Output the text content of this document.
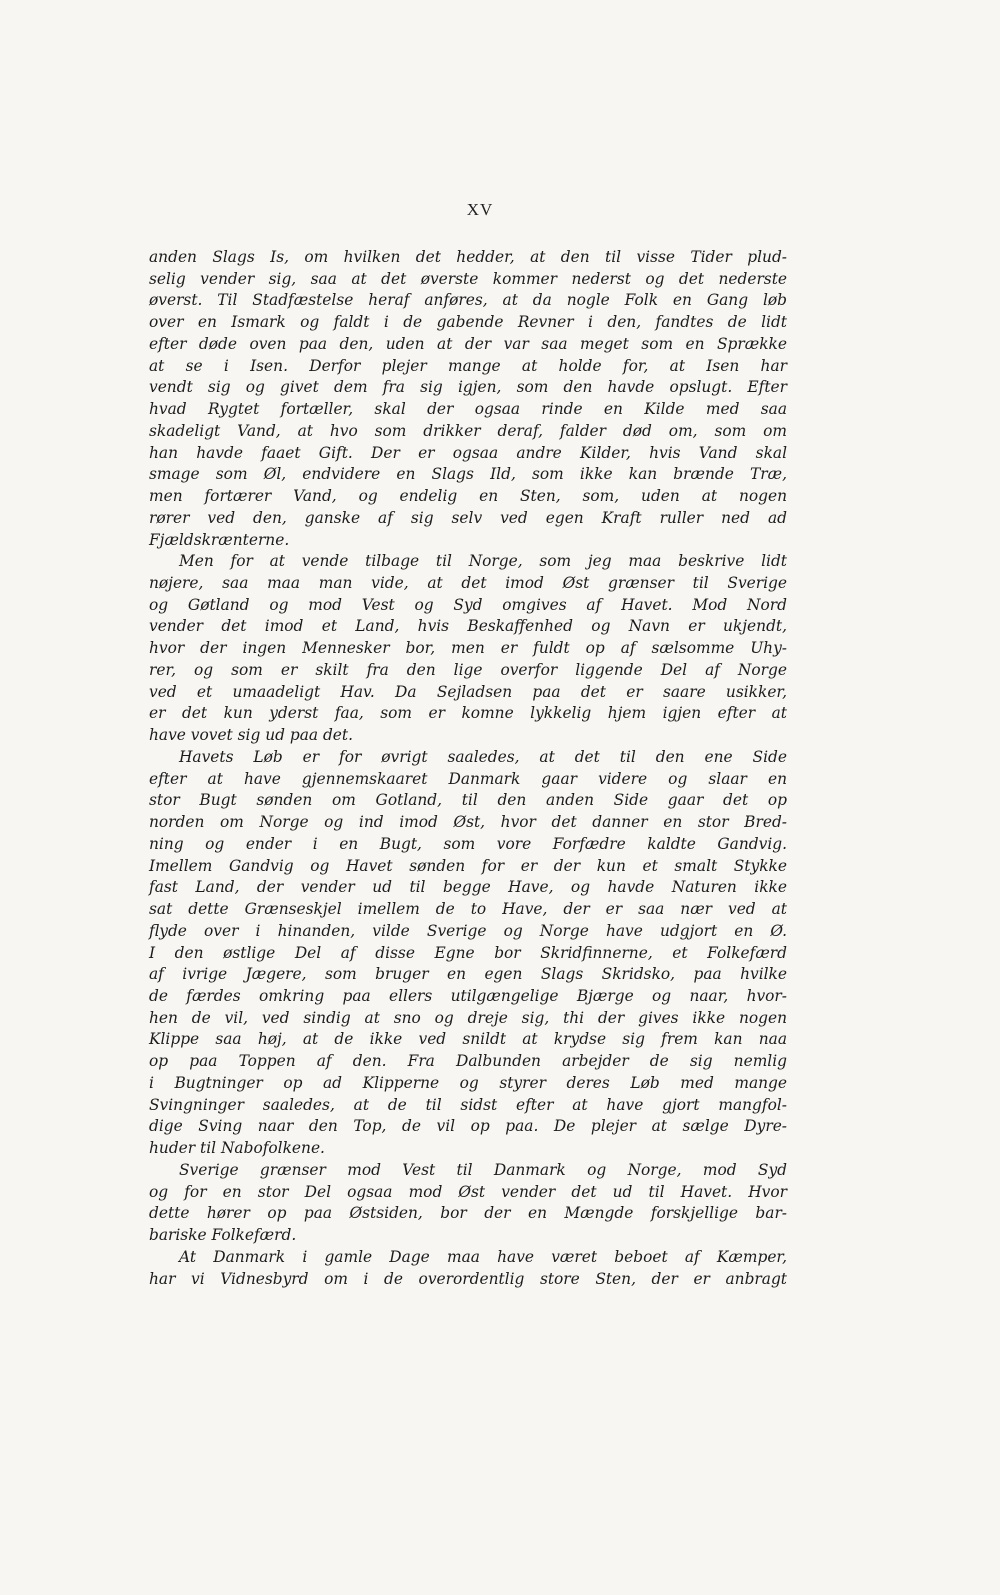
XV
anden Slags Is, om hvilken det hedder, at den til visse Tider plud-
selig vender sig, saa at det øverste kommer nederst og det nederste
øverst. Til Stadfæstelse heraf anføres, at da nogle Folk en Gang løb
over en Ismark og faldt i de gabende Revner i den, fandtes de lidt
efter døde oven paa den, uden at der var saa meget som en Sprække
at se i Isen. Derfor plejer mange at holde for, at Isen har
vendt sig og givet dem fra sig igjen, som den havde opslugt. Efter
hvad Rygtet fortæller, skal der ogsaa rinde en Kilde med saa
skadeligt Vand, at hvo som drikker deraf, falder død om, som om
han havde faaet Gift. Der er ogsaa andre Kilder, hvis Vand skal
smage som Øl, endvidere en Slags Ild, som ikke kan brænde Træ,
men fortærer Vand, og endelig en Sten, som, uden at nogen
rører ved den, ganske af sig selv ved egen Kraft ruller ned ad
Fjældskrænterne.
Men for at vende tilbage til Norge, som jeg maa beskrive lidt
nøjere, saa maa man vide, at det imod Øst grænser til Sverige
og Gøtland og mod Vest og Syd omgives af Havet. Mod Nord
vender det imod et Land, hvis Beskaffenhed og Navn er ukjendt,
hvor der ingen Mennesker bor, men er fuldt op af sælsomme Uhy-
rer, og som er skilt fra den lige overfor liggende Del af Norge
ved et umaadeligt Hav. Da Sejladsen paa det er saare usikker,
er det kun yderst faa, som er komne lykkelig hjem igjen efter at
have vovet sig ud paa det.
Havets Løb er for øvrigt saaledes, at det til den ene Side
efter at have gjennemskaaret Danmark gaar videre og slaar en
stor Bugt sønden om Gotland, til den anden Side gaar det op
norden om Norge og ind imod Øst, hvor det danner en stor Bred-
ning og ender i en Bugt, som vore Forfædre kaldte Gandvig.
Imellem Gandvig og Havet sønden for er der kun et smalt Stykke
fast Land, der vender ud til begge Have, og havde Naturen ikke
sat dette Grænseskjel imellem de to Have, der er saa nær ved at
flyde over i hinanden, vilde Sverige og Norge have udgjort en Ø.
I den østlige Del af disse Egne bor Skridfinnerne, et Folkefærd
af ivrige Jægere, som bruger en egen Slags Skridsko, paa hvilke
de færdes omkring paa ellers utilgængelige Bjærge og naar, hvor-
hen de vil, ved sindig at sno og dreje sig, thi der gives ikke nogen
Klippe saa høj, at de ikke ved snildt at krydse sig frem kan naa
op paa Toppen af den. Fra Dalbunden arbejder de sig nemlig
i Bugtninger op ad Klipperne og styrer deres Løb med mange
Svingninger saaledes, at de til sidst efter at have gjort mangfol-
dige Sving naar den Top, de vil op paa. De plejer at sælge Dyre-
huder til Nabofolkene.
Sverige grænser mod Vest til Danmark og Norge, mod Syd
og for en stor Del ogsaa mod Øst vender det ud til Havet. Hvor
dette hører op paa Østsiden, bor der en Mængde forskjellige bar-
bariske Folkefærd.
At Danmark i gamle Dage maa have været beboet af Kæmper,
har vi Vidnesbyrd om i de overordentlig store Sten, der er anbragt
